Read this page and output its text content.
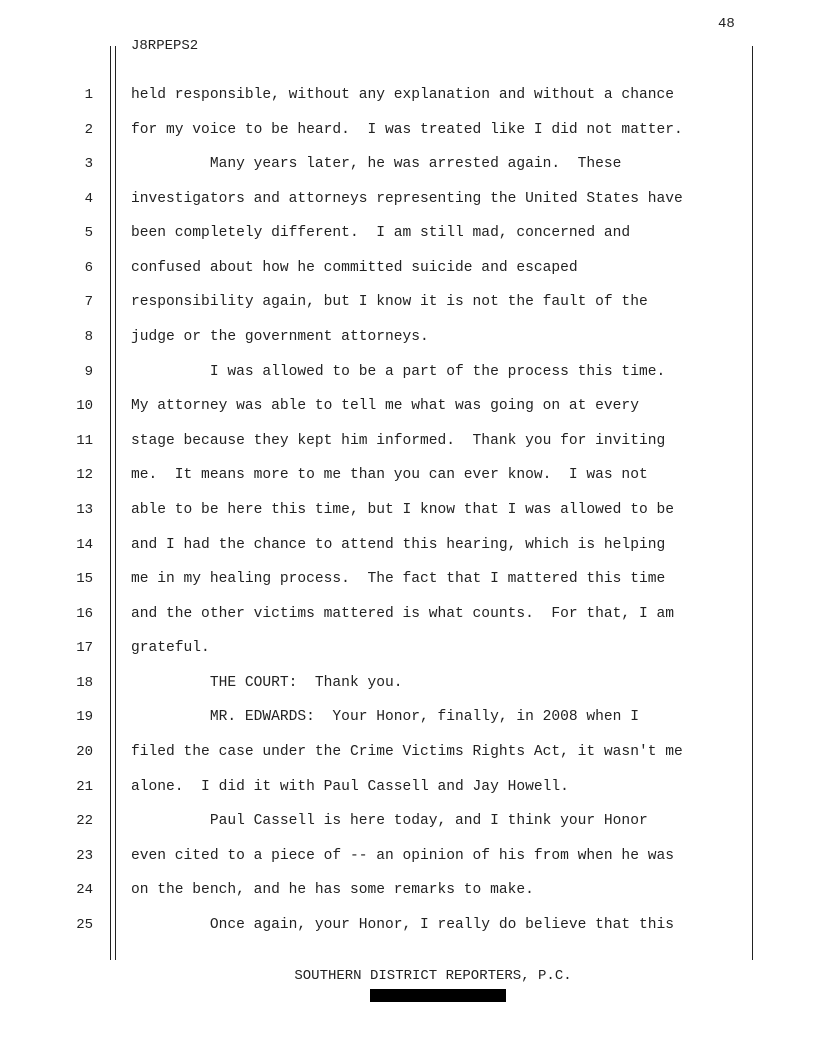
48
J8RPEPS2
1	held responsible, without any explanation and without a chance
2	for my voice to be heard.  I was treated like I did not matter.
3	Many years later, he was arrested again.  These
4	investigators and attorneys representing the United States have
5	been completely different.  I am still mad, concerned and
6	confused about how he committed suicide and escaped
7	responsibility again, but I know it is not the fault of the
8	judge or the government attorneys.
9	I was allowed to be a part of the process this time.
10	My attorney was able to tell me what was going on at every
11	stage because they kept him informed.  Thank you for inviting
12	me.  It means more to me than you can ever know.  I was not
13	able to be here this time, but I know that I was allowed to be
14	and I had the chance to attend this hearing, which is helping
15	me in my healing process.  The fact that I mattered this time
16	and the other victims mattered is what counts.  For that, I am
17	grateful.
18	THE COURT:  Thank you.
19	MR. EDWARDS:  Your Honor, finally, in 2008 when I
20	filed the case under the Crime Victims Rights Act, it wasn't me
21	alone.  I did it with Paul Cassell and Jay Howell.
22	Paul Cassell is here today, and I think your Honor
23	even cited to a piece of -- an opinion of his from when he was
24	on the bench, and he has some remarks to make.
25	Once again, your Honor, I really do believe that this
SOUTHERN DISTRICT REPORTERS, P.C.
